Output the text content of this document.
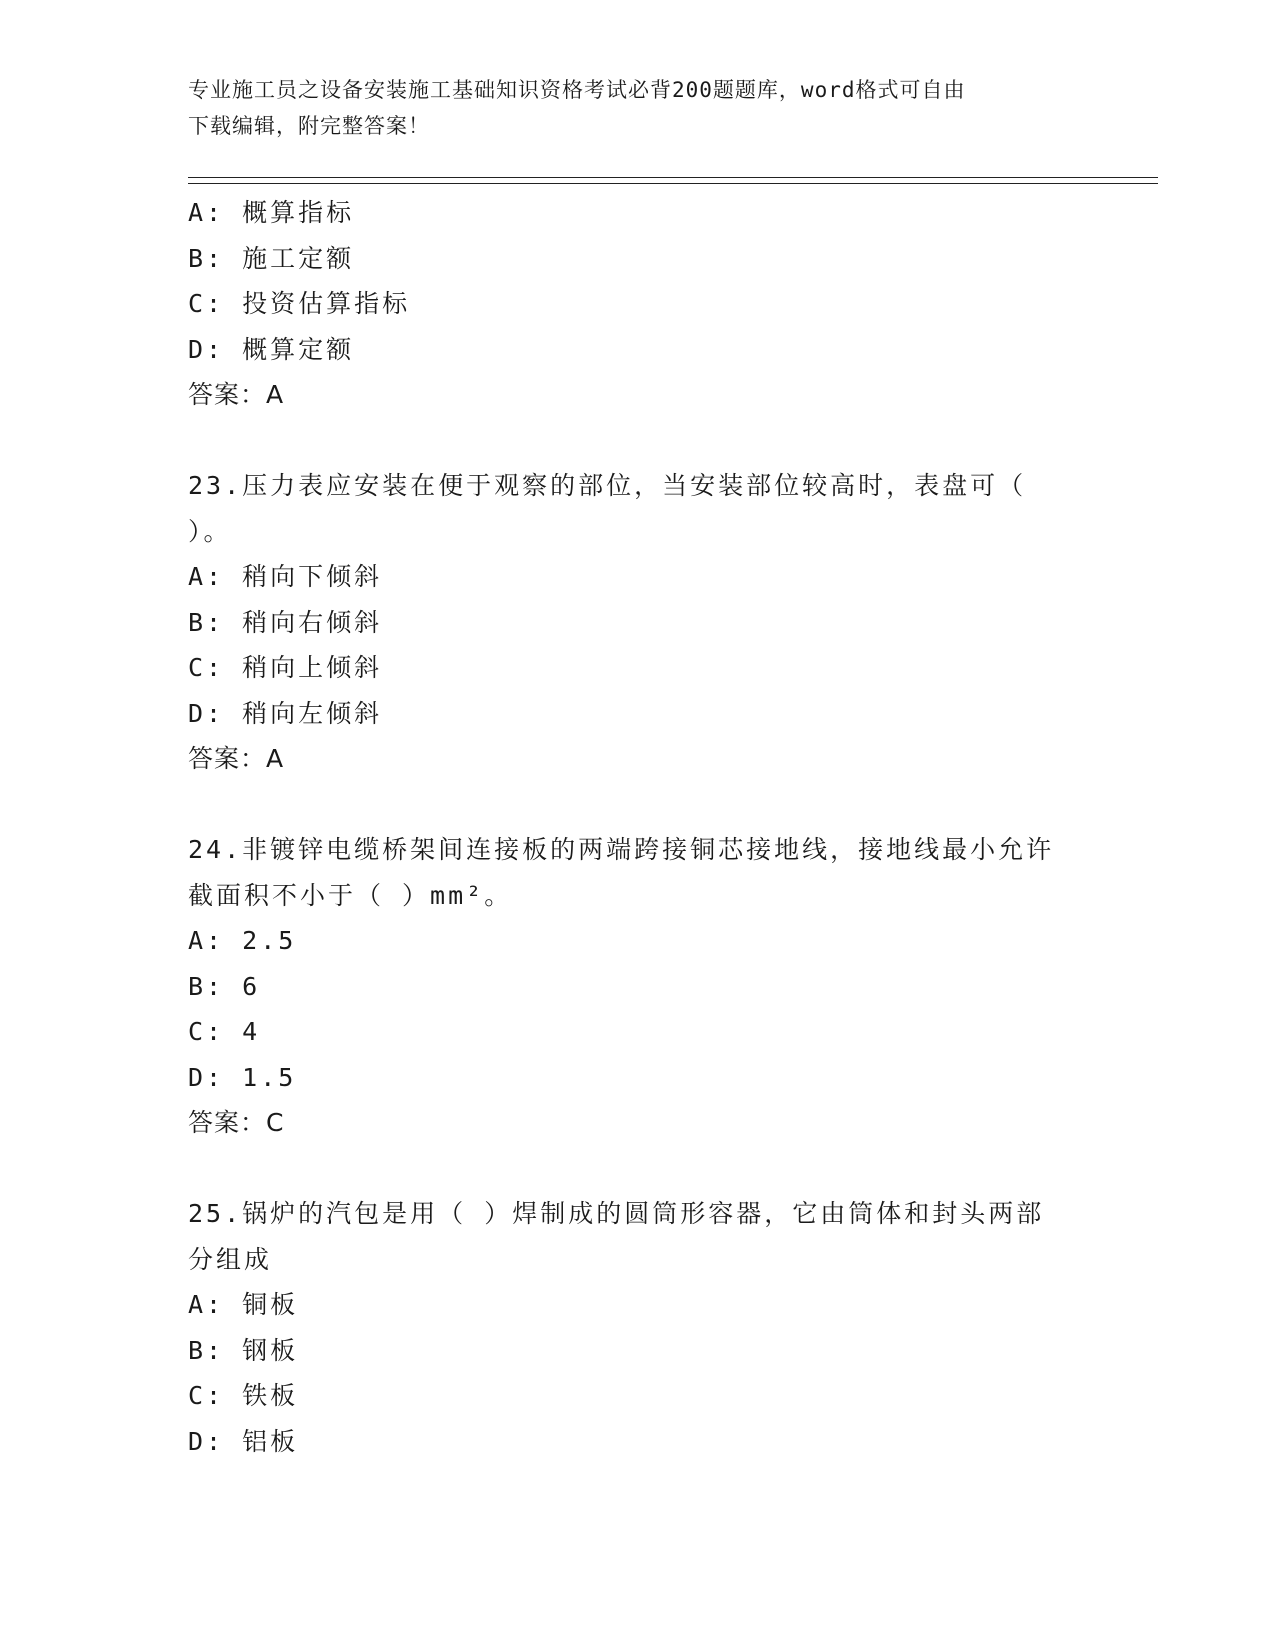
专业施工员之设备安装施工基础知识资格考试必背200题题库，word格式可自由
下载编辑，附完整答案！
A: 概算指标
B: 施工定额
C: 投资估算指标
D: 概算定额
答案：A
23.压力表应安装在便于观察的部位，当安装部位较高时，表盘可（
）。
A: 稍向下倾斜
B: 稍向右倾斜
C: 稍向上倾斜
D: 稍向左倾斜
答案：A
24.非镀锌电缆桥架间连接板的两端跨接铜芯接地线，接地线最小允许
截面积不小于（ ）mm²。
A: 2.5
B: 6
C: 4
D: 1.5
答案：C
25.锅炉的汽包是用（ ）焊制成的圆筒形容器，它由筒体和封头两部
分组成
A: 铜板
B: 钢板
C: 铁板
D: 铝板
